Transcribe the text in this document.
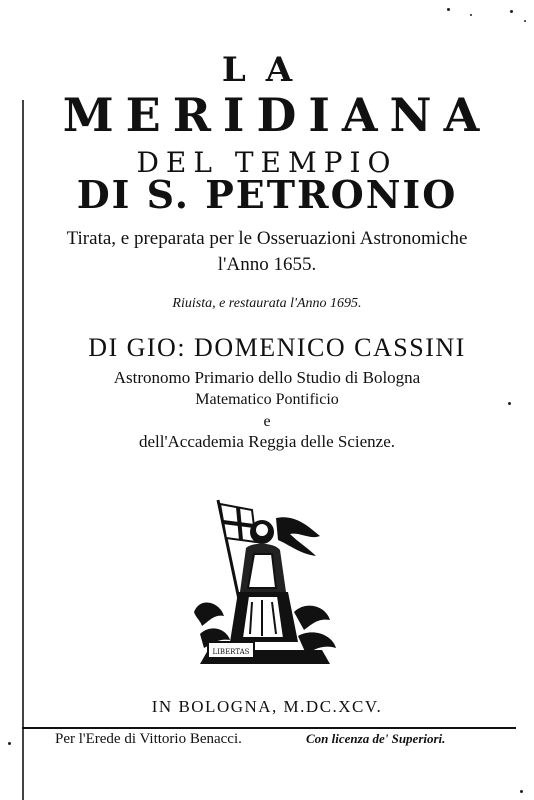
LA
MERIDIANA
DEL TEMPIO
DI S. PETRONIO
Tirata, e preparata per le Osseruazioni Astronomiche
l'Anno 1655.
Riuista, e restaurata l'Anno 1695.
DI GIO: DOMENICO CASSINI
Astronomo Primario dello Studio di Bologna
Matematico Pontificio
e
dell'Accademia Reggia delle Scienze.
LIBERTAS
IN BOLOGNA, M.DC.XCV.
Per l'Erede di Vittorio Benacci.	Con licenza de' Superiori.
